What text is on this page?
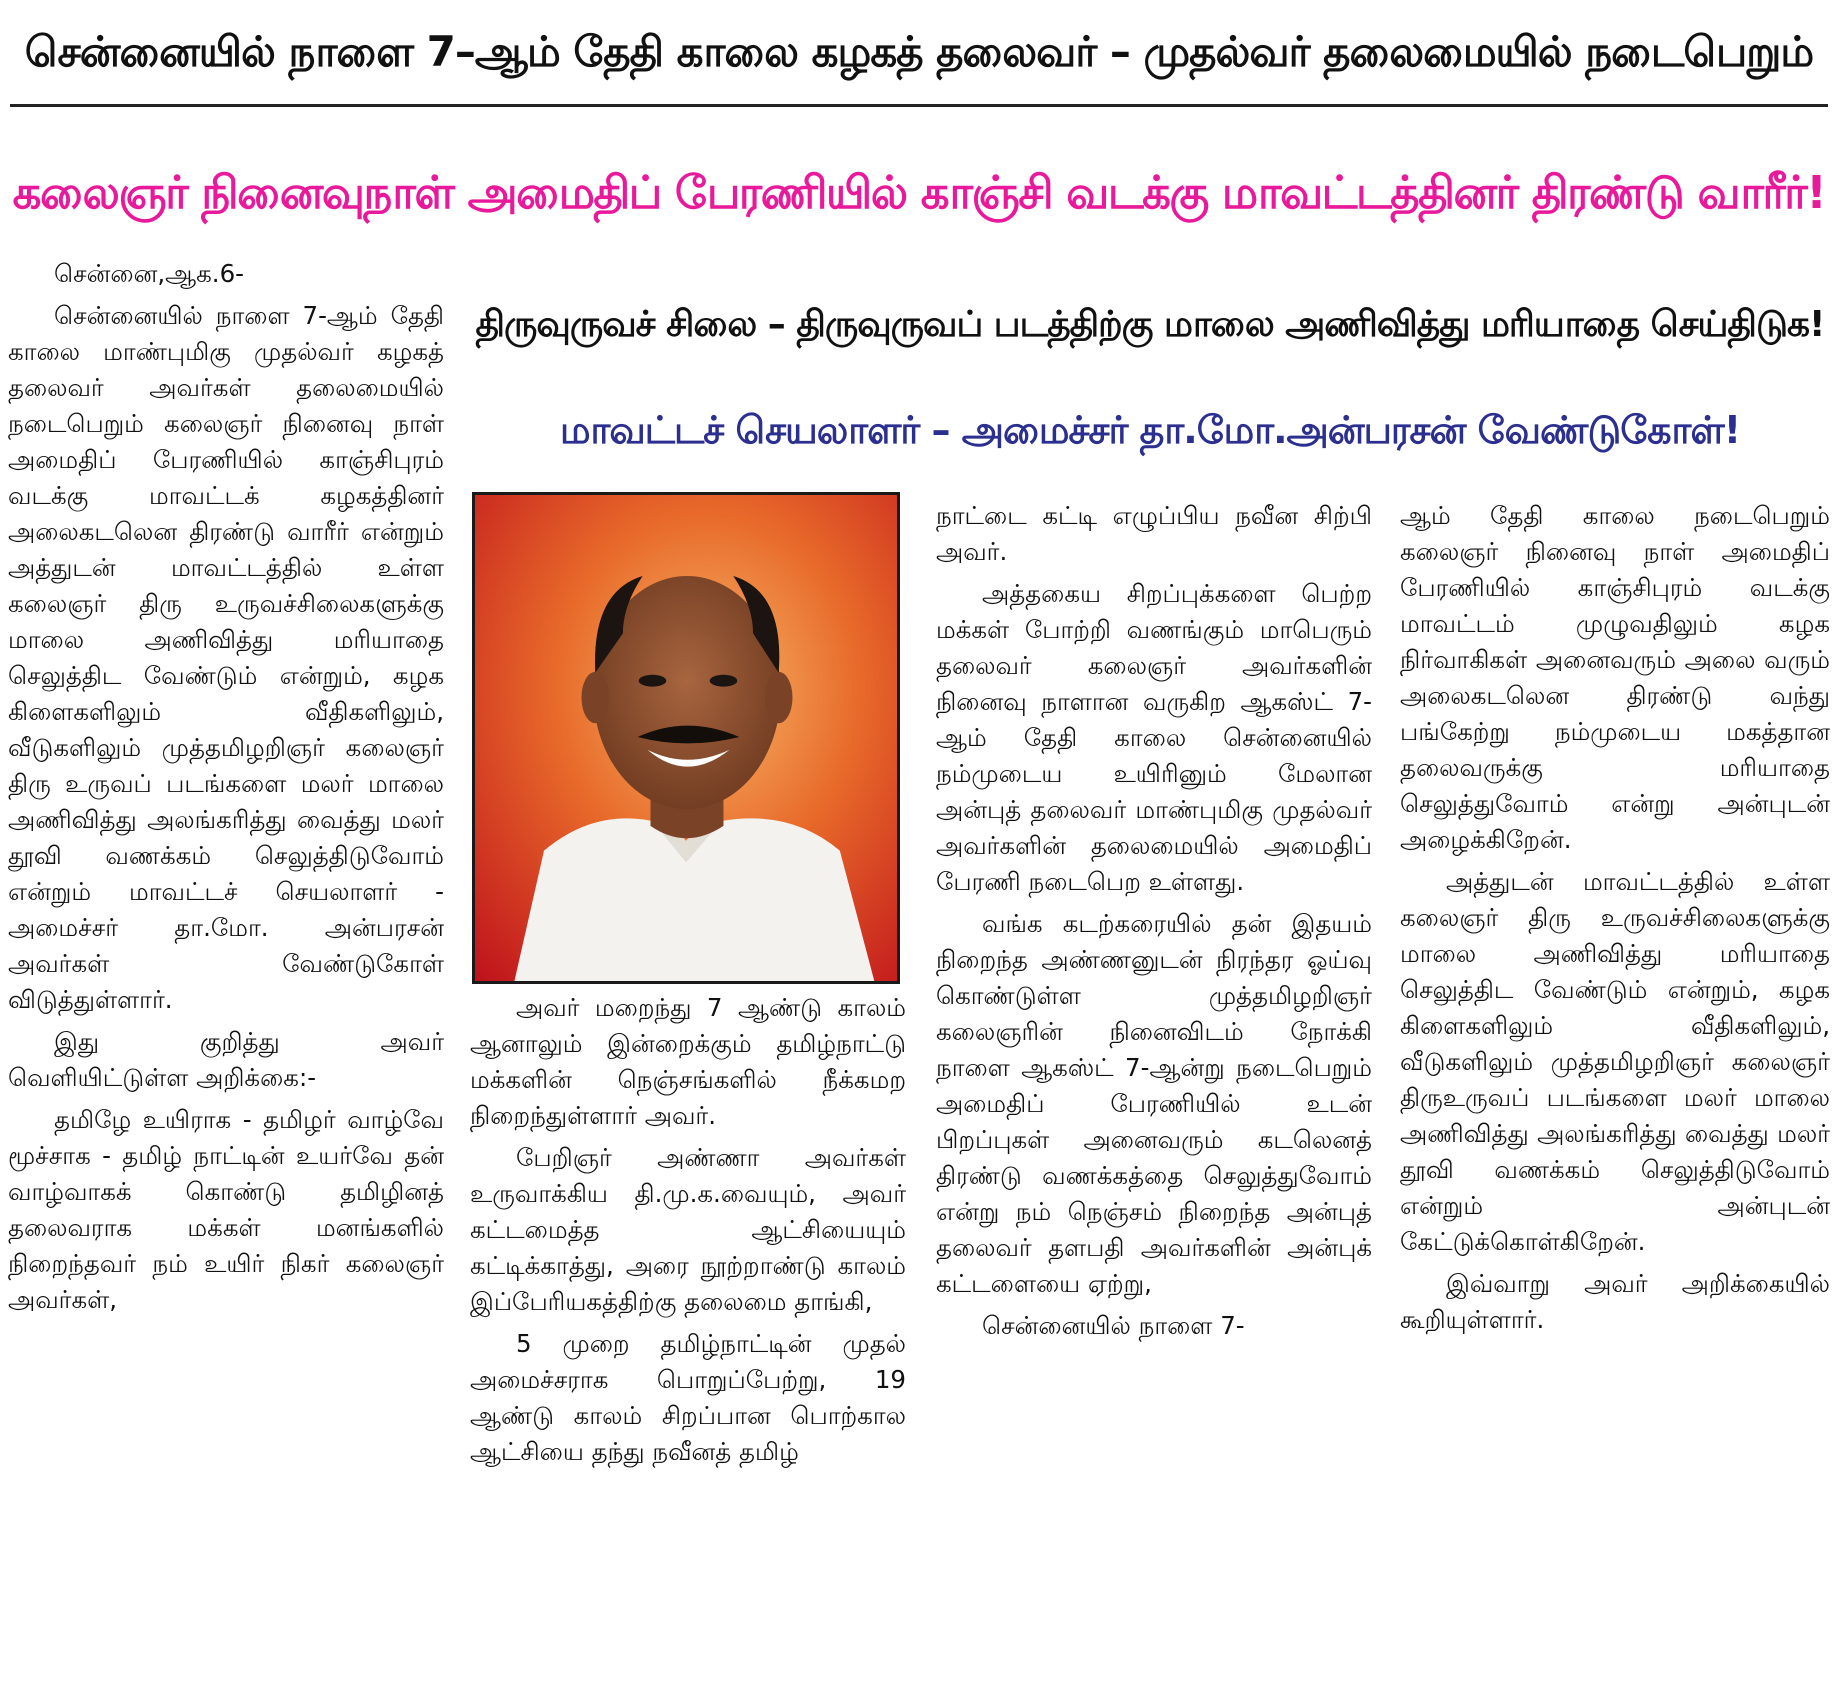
சென்னையில் நாளை 7–ஆம் தேதி காலை கழகத் தலைவர் – முதல்வர் தலைமையில் நடைபெறும்
கலைஞர் நினைவுநாள் அமைதிப் பேரணியில் காஞ்சி வடக்கு மாவட்டத்தினர் திரண்டு வாரீர்!
திருவுருவச் சிலை – திருவுருவப் படத்திற்கு மாலை அணிவித்து மரியாதை செய்திடுக!
மாவட்டச் செயலாளர் – அமைச்சர் தா.மோ.அன்பரசன் வேண்டுகோள்!

சென்னை,ஆக.6-

சென்னையில் நாளை 7-ஆம் தேதி காலை மாண்புமிகு முதல்வர் கழகத் தலைவர் அவர்கள் தலைமையில் நடைபெறும் கலைஞர் நினைவு நாள் அமைதிப் பேரணியில் காஞ்சிபுரம் வடக்கு மாவட்டக் கழகத்தினர் அலைகடலென திரண்டு வாரீர் என்றும் அத்துடன் மாவட்டத்தில் உள்ள கலைஞர் திரு உருவச்சிலைகளுக்கு மாலை அணிவித்து மரியாதை செலுத்திட வேண்டும் என்றும், கழக கிளைகளிலும் வீதிகளிலும், வீடுகளிலும் முத்தமிழறிஞர் கலைஞர் திரு உருவப் படங்களை மலர் மாலை அணிவித்து அலங்கரித்து வைத்து மலர் தூவி வணக்கம் செலுத்திடுவோம் என்றும் மாவட்டச் செயலாளர் - அமைச்சர் தா.மோ. அன்பரசன் அவர்கள் வேண்டுகோள் விடுத்துள்ளார்.

இது குறித்து அவர் வெளியிட்டுள்ள அறிக்கை:-

தமிழே உயிராக - தமிழர் வாழ்வே மூச்சாக - தமிழ் நாட்டின் உயர்வே தன் வாழ்வாகக் கொண்டு தமிழினத் தலைவராக மக்கள் மனங்களில் நிறைந்தவர் நம் உயிர் நிகர் கலைஞர் அவர்கள்,

அவர் மறைந்து 7 ஆண்டு காலம் ஆனாலும் இன்றைக்கும் தமிழ்நாட்டு மக்களின் நெஞ்சங்களில் நீக்கமற நிறைந்துள்ளார் அவர்.

பேறிஞர் அண்ணா அவர்கள் உருவாக்கிய தி.மு.க.வையும், அவர் கட்டமைத்த ஆட்சியையும் கட்டிக்காத்து, அரை நூற்றாண்டு காலம் இப்பேரியகத்திற்கு தலைமை தாங்கி,

5 முறை தமிழ்நாட்டின் முதல் அமைச்சராக பொறுப்பேற்று, 19 ஆண்டு காலம் சிறப்பான பொற்கால ஆட்சியை தந்து நவீனத் தமிழ்

நாட்டை கட்டி எழுப்பிய நவீன சிற்பி அவர்.

அத்தகைய சிறப்புக்களை பெற்ற மக்கள் போற்றி வணங்கும் மாபெரும் தலைவர் கலைஞர் அவர்களின் நினைவு நாளான வருகிற ஆகஸ்ட் 7-ஆம் தேதி காலை சென்னையில் நம்முடைய உயிரினும் மேலான அன்புத் தலைவர் மாண்புமிகு முதல்வர் அவர்களின் தலைமையில் அமைதிப் பேரணி நடைபெற உள்ளது.

வங்க கடற்கரையில் தன் இதயம் நிறைந்த அண்ணனுடன் நிரந்தர ஓய்வு கொண்டுள்ள முத்தமிழறிஞர் கலைஞரின் நினைவிடம் நோக்கி நாளை ஆகஸ்ட் 7-ஆன்று நடைபெறும் அமைதிப் பேரணியில் உடன் பிறப்புகள் அனைவரும் கடலெனத் திரண்டு வணக்கத்தை செலுத்துவோம் என்று நம் நெஞ்சம் நிறைந்த அன்புத் தலைவர் தளபதி அவர்களின் அன்புக் கட்டளையை ஏற்று,

சென்னையில் நாளை 7-

ஆம் தேதி காலை நடைபெறும் கலைஞர் நினைவு நாள் அமைதிப் பேரணியில் காஞ்சிபுரம் வடக்கு மாவட்டம் முழுவதிலும் கழக நிர்வாகிகள் அனைவரும் அலை வரும் அலைகடலென திரண்டு வந்து பங்கேற்று நம்முடைய மகத்தான தலைவருக்கு மரியாதை செலுத்துவோம் என்று அன்புடன் அழைக்கிறேன்.

அத்துடன் மாவட்டத்தில் உள்ள கலைஞர் திரு உருவச்சிலைகளுக்கு மாலை அணிவித்து மரியாதை செலுத்திட வேண்டும் என்றும், கழக கிளைகளிலும் வீதிகளிலும், வீடுகளிலும் முத்தமிழறிஞர் கலைஞர் திருஉருவப் படங்களை மலர் மாலை அணிவித்து அலங்கரித்து வைத்து மலர் தூவி வணக்கம் செலுத்திடுவோம் என்றும் அன்புடன் கேட்டுக்கொள்கிறேன்.

இவ்வாறு அவர் அறிக்கையில் கூறியுள்ளார்.
